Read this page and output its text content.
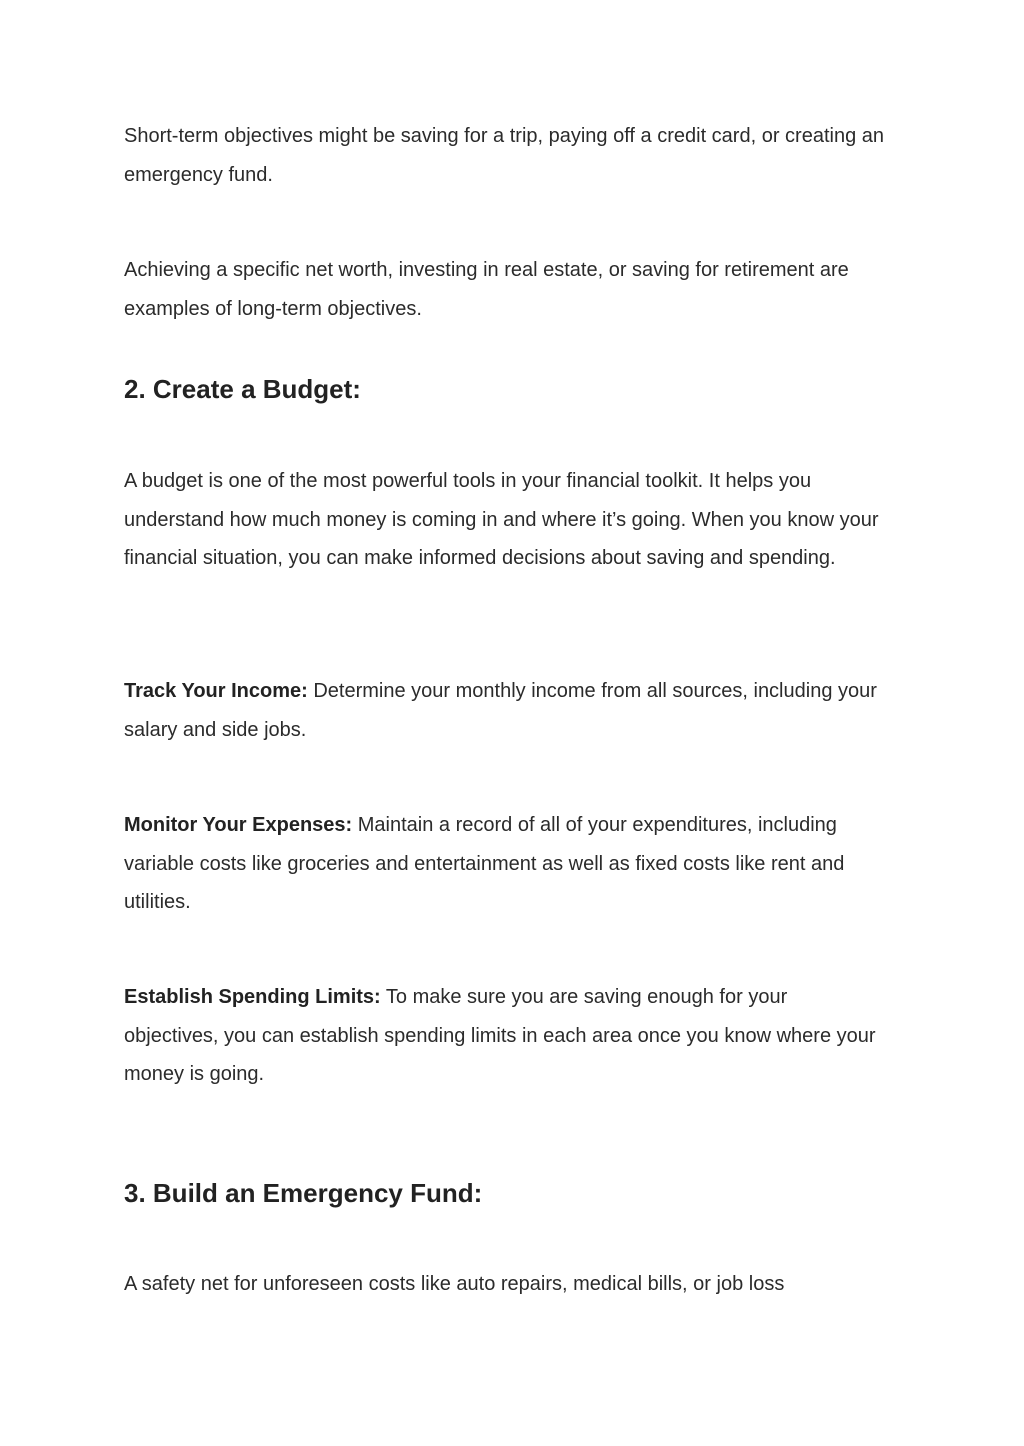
Short-term objectives might be saving for a trip, paying off a credit card, or creating an emergency fund.

Achieving a specific net worth, investing in real estate, or saving for retirement are examples of long-term objectives.

2. Create a Budget:

A budget is one of the most powerful tools in your financial toolkit. It helps you understand how much money is coming in and where it’s going. When you know your financial situation, you can make informed decisions about saving and spending.

Track Your Income: Determine your monthly income from all sources, including your salary and side jobs.

Monitor Your Expenses: Maintain a record of all of your expenditures, including variable costs like groceries and entertainment as well as fixed costs like rent and utilities.

Establish Spending Limits: To make sure you are saving enough for your objectives, you can establish spending limits in each area once you know where your money is going.

3. Build an Emergency Fund:

A safety net for unforeseen costs like auto repairs, medical bills, or job loss
